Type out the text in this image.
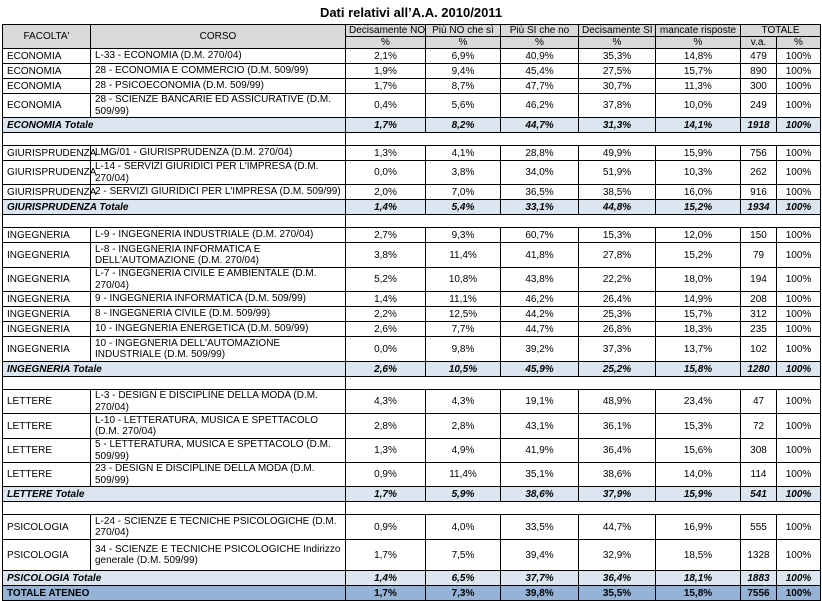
Dati relativi all’A.A. 2010/2011
FACOLTA'	CORSO	Decisamente NO	Più NO che sì	Più SI che no	Decisamente SI	mancate risposte	TOTALE	
		%	%	%	%	%	v.a.	%
ECONOMIA	L-33 - ECONOMIA (D.M. 270/04)	2,1%	6,9%	40,9%	35,3%	14,8%	479	100%
ECONOMIA	28 - ECONOMIA E COMMERCIO (D.M. 509/99)	1,9%	9,4%	45,4%	27,5%	15,7%	890	100%
ECONOMIA	28 - PSICOECONOMIA (D.M. 509/99)	1,7%	8,7%	47,7%	30,7%	11,3%	300	100%
ECONOMIA	28 - SCIENZE BANCARIE ED ASSICURATIVE (D.M. 509/99)	0,4%	5,6%	46,2%	37,8%	10,0%	249	100%
ECONOMIA Totale		1,7%	8,2%	44,7%	31,3%	14,1%	1918	100%

GIURISPRUDENZA	LMG/01 - GIURISPRUDENZA (D.M. 270/04)	1,3%	4,1%	28,8%	49,9%	15,9%	756	100%
GIURISPRUDENZA	L-14 - SERVIZI GIURIDICI PER L'IMPRESA (D.M. 270/04)	0,0%	3,8%	34,0%	51,9%	10,3%	262	100%
GIURISPRUDENZA	2 - SERVIZI GIURIDICI PER L'IMPRESA (D.M. 509/99)	2,0%	7,0%	36,5%	38,5%	16,0%	916	100%
GIURISPRUDENZA Totale		1,4%	5,4%	33,1%	44,8%	15,2%	1934	100%

INGEGNERIA	L-9 - INGEGNERIA INDUSTRIALE (D.M. 270/04)	2,7%	9,3%	60,7%	15,3%	12,0%	150	100%
INGEGNERIA	L-8 - INGEGNERIA INFORMATICA E DELL'AUTOMAZIONE (D.M. 270/04)	3,8%	11,4%	41,8%	27,8%	15,2%	79	100%
INGEGNERIA	L-7 - INGEGNERIA CIVILE E AMBIENTALE (D.M. 270/04)	5,2%	10,8%	43,8%	22,2%	18,0%	194	100%
INGEGNERIA	9 - INGEGNERIA INFORMATICA (D.M. 509/99)	1,4%	11,1%	46,2%	26,4%	14,9%	208	100%
INGEGNERIA	8 - INGEGNERIA CIVILE (D.M. 509/99)	2,2%	12,5%	44,2%	25,3%	15,7%	312	100%
INGEGNERIA	10 - INGEGNERIA ENERGETICA (D.M. 509/99)	2,6%	7,7%	44,7%	26,8%	18,3%	235	100%
INGEGNERIA	10 - INGEGNERIA DELL'AUTOMAZIONE INDUSTRIALE (D.M. 509/99)	0,0%	9,8%	39,2%	37,3%	13,7%	102	100%
INGEGNERIA Totale		2,6%	10,5%	45,9%	25,2%	15,8%	1280	100%

LETTERE	L-3 - DESIGN E DISCIPLINE DELLA MODA (D.M. 270/04)	4,3%	4,3%	19,1%	48,9%	23,4%	47	100%
LETTERE	L-10 - LETTERATURA, MUSICA E SPETTACOLO (D.M. 270/04)	2,8%	2,8%	43,1%	36,1%	15,3%	72	100%
LETTERE	5 - LETTERATURA, MUSICA E SPETTACOLO (D.M. 509/99)	1,3%	4,9%	41,9%	36,4%	15,6%	308	100%
LETTERE	23 - DESIGN E DISCIPLINE DELLA MODA (D.M. 509/99)	0,9%	11,4%	35,1%	38,6%	14,0%	114	100%
LETTERE Totale		1,7%	5,9%	38,6%	37,9%	15,9%	541	100%

PSICOLOGIA	L-24 - SCIENZE E TECNICHE PSICOLOGICHE (D.M. 270/04)	0,9%	4,0%	33,5%	44,7%	16,9%	555	100%
PSICOLOGIA	34 - SCIENZE E TECNICHE PSICOLOGICHE Indirizzo generale (D.M. 509/99)	1,7%	7,5%	39,4%	32,9%	18,5%	1328	100%
PSICOLOGIA Totale		1,4%	6,5%	37,7%	36,4%	18,1%	1883	100%
TOTALE ATENEO		1,7%	7,3%	39,8%	35,5%	15,8%	7556	100%
